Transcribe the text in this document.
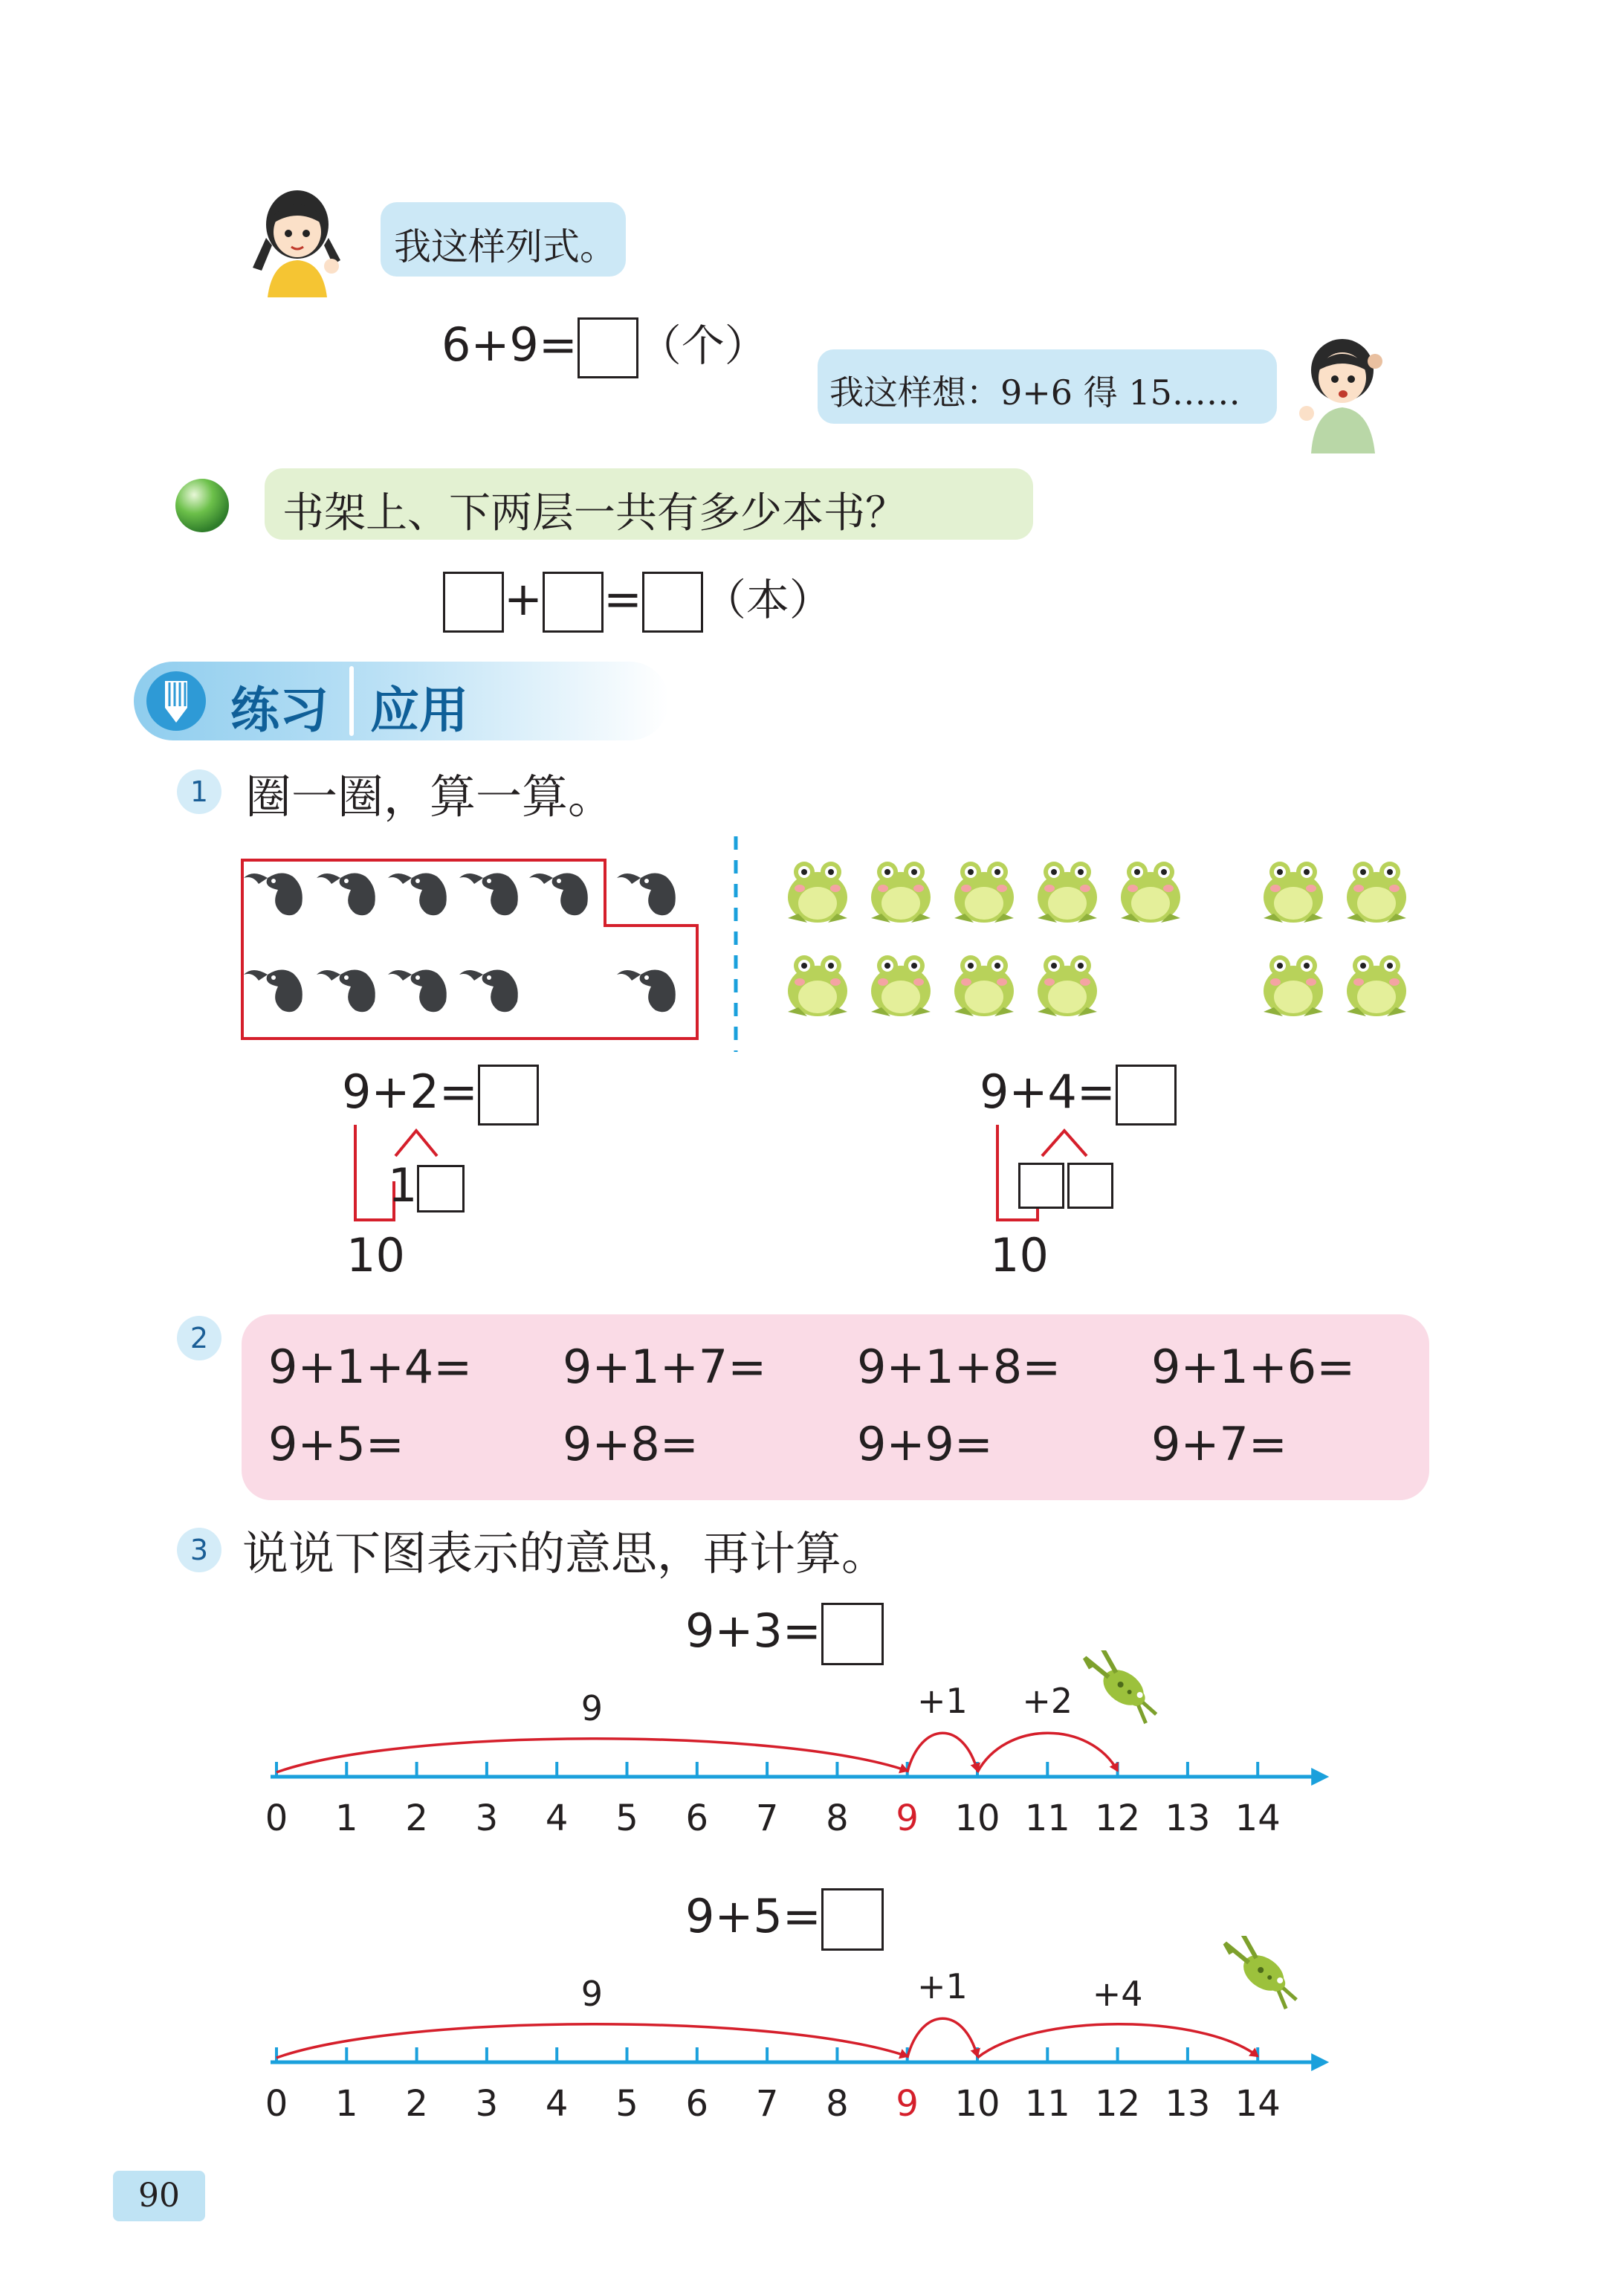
我这样列式。
6+9= （个）
我这样想：9+6 得 15……
书架上、下两层一共有多少本书？
+ = （本）
练习 应用
1 圈一圈，算一算。
9+2=
1
10
9+4=
10
2
9+1+4= 9+1+7= 9+1+8= 9+1+6=
9+5=	9+8=	9+9=	9+7=
3 说说下图表示的意思，再计算。
9+3=
0 1 2 3 4 5 6 7 8 9 10 11 12 13 14
9	+1 +2
9+5=
0 1 2 3 4 5 6 7 8 9 10 11 12 13 14
9	+1	+4
90
